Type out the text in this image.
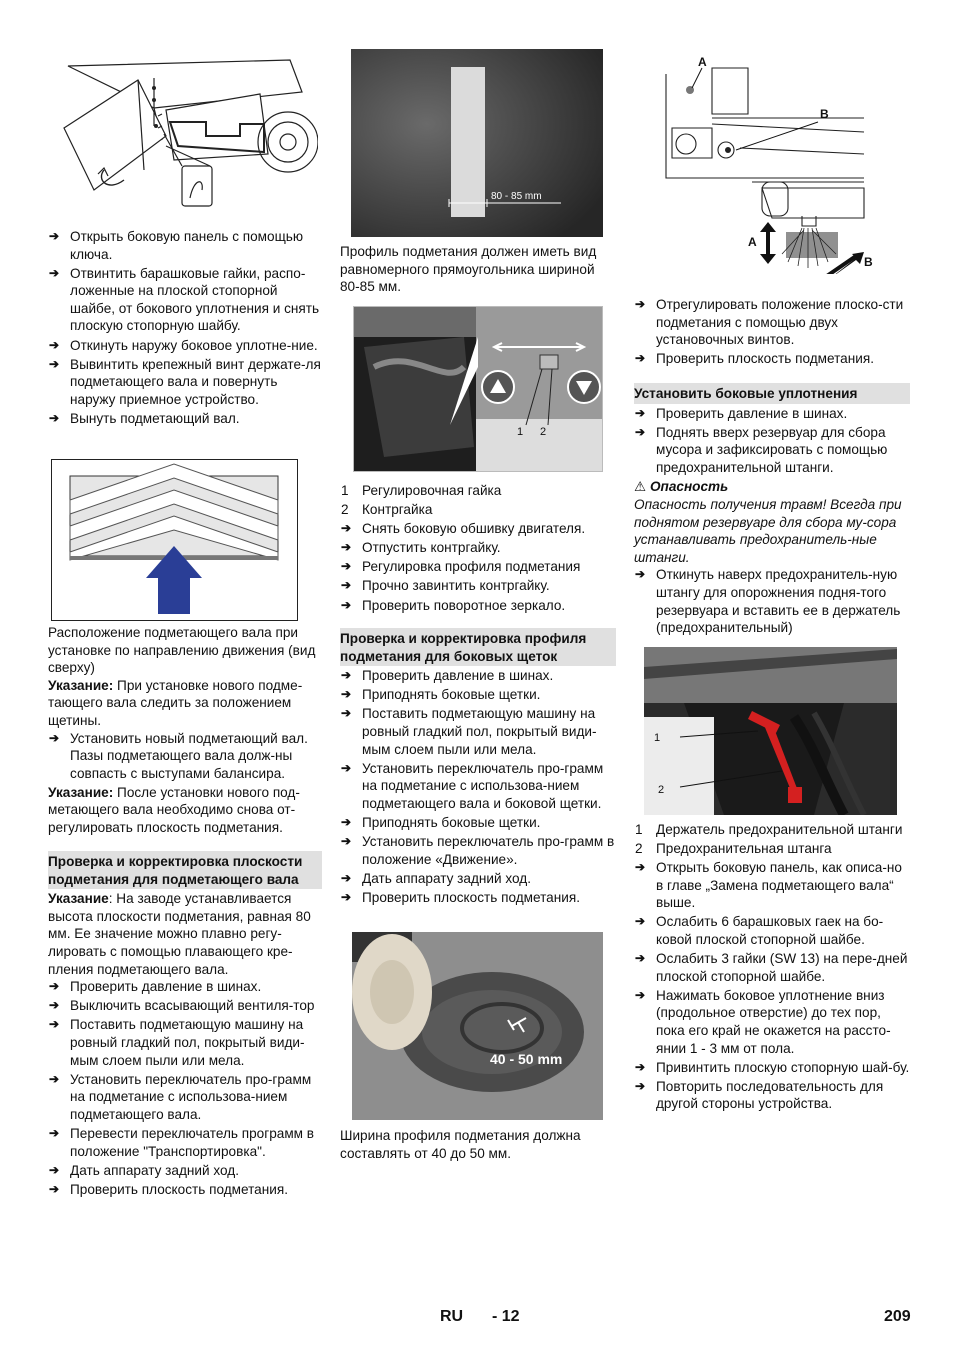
➔ Открыть боковую панель с помощью ключа.
➔ Отвинтить барашковые гайки, распо-ложенные на плоской стопорной шайбе, от бокового уплотнения и снять плоскую стопорную шайбу.
➔ Откинуть наружу боковое уплотне-ние.
➔ Вывинтить крепежный винт держате-ля подметающего вала и повернуть наружу приемное устройство.
➔ Вынуть подметающий вал.

Расположение подметающего вала при установке по направлению движения (вид сверху)

Указание: При установке нового подме-тающего вала следить за положением щетины.

➔ Установить новый подметающий вал. Пазы подметающего вала долж-ны совпасть с выступами балансира.

Указание: После установки нового под-метающего вала необходимо снова от-регулировать плоскость подметания.

Проверка и корректировка плоскости подметания для подметающего вала

Указание: На заводе устанавливается высота плоскости подметания, равная 80 мм. Ее значение можно плавно регу-лировать с помощью плавающего кре-пления подметающего вала.

➔ Проверить давление в шинах.
➔ Выключить всасывающий вентиля-тор
➔ Поставить подметающую машину на ровный гладкий пол, покрытый види-мым слоем пыли или мела.
➔ Установить переключатель про-грамм на подметание с использова-нием подметающего вала.
➔ Перевести переключатель программ в положение "Транспортировка".
➔ Дать аппарату задний ход.
➔ Проверить плоскость подметания.
80 - 85 mm

Профиль подметания должен иметь вид равномерного прямоугольника шириной 80-85 мм.

1 2
1 Регулировочная гайка
2 Контргайка
➔ Снять боковую обшивку двигателя.
➔ Отпустить контргайку.
➔ Регулировка профиля подметания
➔ Прочно завинтить контргайку.
➔ Проверить поворотное зеркало.
Проверка и корректировка профиля подметания для боковых щеток
➔ Проверить давление в шинах.
➔ Приподнять боковые щетки.
➔ Поставить подметающую машину на ровный гладкий пол, покрытый види-мым слоем пыли или мела.
➔ Установить переключатель про-грамм на подметание с использова-нием подметающего вала и боковой щетки.
➔ Приподнять боковые щетки.
➔ Установить переключатель про-грамм в положение «Движение».
➔ Дать аппарату задний ход.
➔ Проверить плоскость подметания.
40 - 50 mm

Ширина профиля подметания должна составлять от 40 до 50 мм.

A
B
A
B
➔ Отрегулировать положение плоско-сти подметания с помощью двух установочных винтов.
➔ Проверить плоскость подметания.
Установить боковые уплотнения
➔ Проверить давление в шинах.
➔ Поднять вверх резервуар для сбора мусора и зафиксировать с помощью предохранительной штанги.

⚠ Опасность

Опасность получения травм! Всегда при поднятом резервуаре для сбора му-сора устанавливать предохранитель-ные штанги.

➔ Откинуть наверх предохранитель-ную штангу для опорожнения подня-того резервуара и вставить ее в держатель (предохранительный)
1
2
1 Держатель предохранительной штанги
2 Предохранительная штанга
➔ Открыть боковую панель, как описа-но в главе „Замена подметающего вала“ выше.
➔ Ослабить 6 барашковых гаек на бо-ковой плоской стопорной шайбе.
➔ Ослабить 3 гайки (SW 13) на пере-дней плоской стопорной шайбе.
➔ Нажимать боковое уплотнение вниз (продольное отверстие) до тех пор, пока его край не окажется на рассто-янии 1 - 3 мм от пола.
➔ Привинтить плоскую стопорную шай-бу.
➔ Повторить последовательность для другой стороны устройства.
RU - 12	209
